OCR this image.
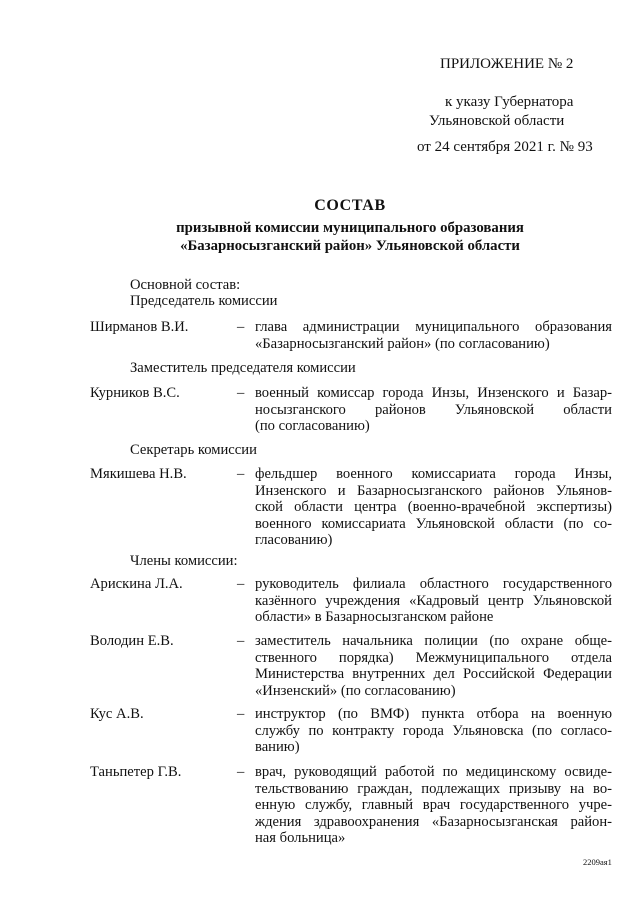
ПРИЛОЖЕНИЕ № 2
к указу Губернатора
Ульяновской области
от 24 сентября 2021 г. № 93
СОСТАВ
призывной комиссии муниципального образования
«Базарносызганский район» Ульяновской области
Основной состав:
Председатель комиссии
Ширманов В.И.	– глава администрации муниципального образования
«Базарносызганский район» (по согласованию)
Заместитель председателя комиссии
Курников В.С.	– военный комиссар города Инзы, Инзенского и Базар-
носызганского районов Ульяновской области
(по согласованию)
Секретарь комиссии
Мякишева Н.В.	– фельдшер военного комиссариата города Инзы,
Инзенского и Базарносызганского районов Ульянов-
ской области центра (военно-врачебной экспертизы)
военного комиссариата Ульяновской области (по со-
гласованию)
Члены комиссии:
Арискина Л.А.	– руководитель филиала областного государственного
казённого учреждения «Кадровый центр Ульяновской
области» в Базарносызганском районе
Володин Е.В.	– заместитель начальника полиции (по охране обще-
ственного порядка) Межмуниципального отдела
Министерства внутренних дел Российской Федерации
«Инзенский» (по согласованию)
Кус А.В.	– инструктор (по ВМФ) пункта отбора на военную
службу по контракту города Ульяновска (по согласо-
ванию)
Таньпетер Г.В.	– врач, руководящий работой по медицинскому освиде-
тельствованию граждан, подлежащих призыву на во-
енную службу, главный врач государственного учре-
ждения здравоохранения «Базарносызганская район-
ная больница»
2209ая1
